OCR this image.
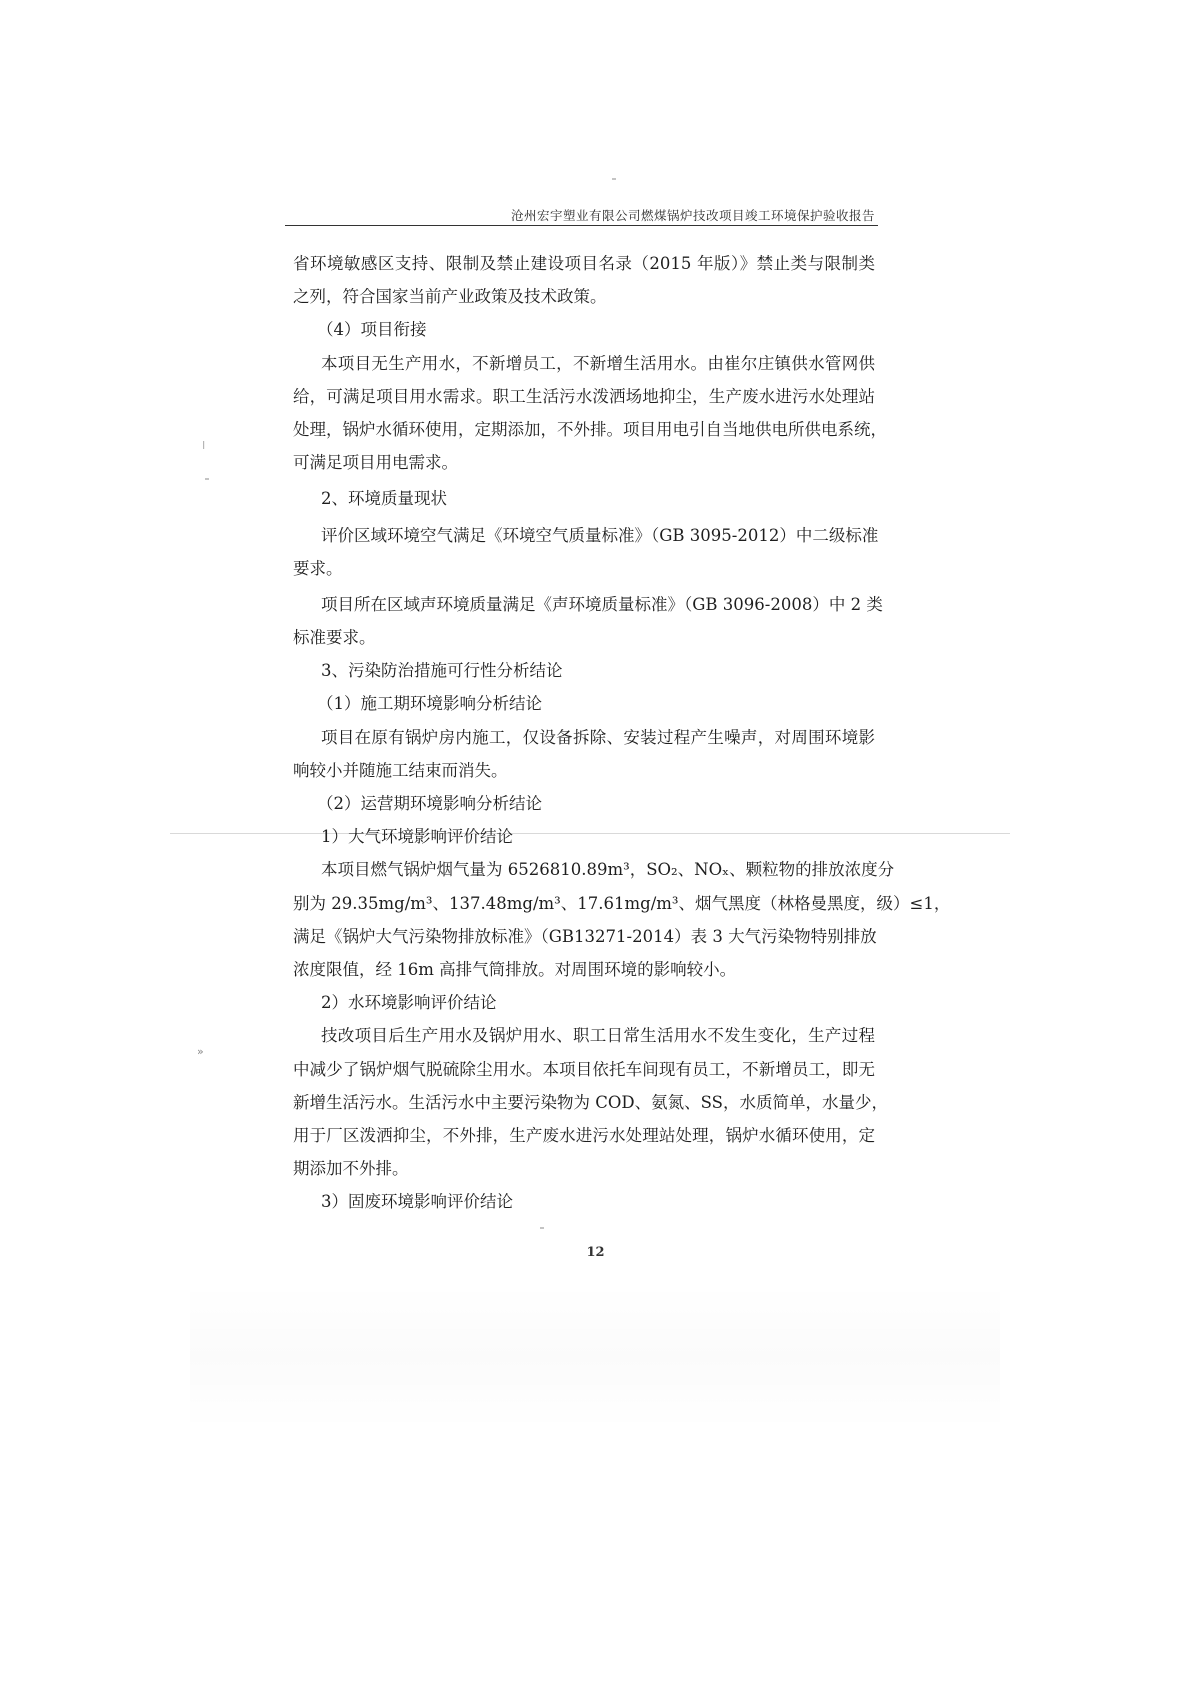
»
I
沧州宏宇塑业有限公司燃煤锅炉技改项目竣工环境保护验收报告
省环境敏感区支持、限制及禁止建设项目名录（2015 年版）》禁止类与限制类
之列，符合国家当前产业政策及技术政策。
（4）项目衔接
本项目无生产用水，不新增员工，不新增生活用水。由崔尔庄镇供水管网供
给，可满足项目用水需求。职工生活污水泼洒场地抑尘，生产废水进污水处理站
处理，锅炉水循环使用，定期添加，不外排。项目用电引自当地供电所供电系统，
可满足项目用电需求。
2、环境质量现状
评价区域环境空气满足《环境空气质量标准》（GB 3095-2012）中二级标准
要求。
项目所在区域声环境质量满足《声环境质量标准》（GB 3096-2008）中 2 类
标准要求。
3、污染防治措施可行性分析结论
（1）施工期环境影响分析结论
项目在原有锅炉房内施工，仅设备拆除、安装过程产生噪声，对周围环境影
响较小并随施工结束而消失。
（2）运营期环境影响分析结论
1）大气环境影响评价结论
本项目燃气锅炉烟气量为 6526810.89m³，SO₂、NOₓ、颗粒物的排放浓度分
别为 29.35mg/m³、137.48mg/m³、17.61mg/m³、烟气黑度（林格曼黑度，级）≤1，
满足《锅炉大气污染物排放标准》（GB13271-2014）表 3 大气污染物特别排放
浓度限值，经 16m 高排气筒排放。对周围环境的影响较小。
2）水环境影响评价结论
技改项目后生产用水及锅炉用水、职工日常生活用水不发生变化，生产过程
中减少了锅炉烟气脱硫除尘用水。本项目依托车间现有员工，不新增员工，即无
新增生活污水。生活污水中主要污染物为 COD、氨氮、SS，水质简单，水量少，
用于厂区泼洒抑尘，不外排，生产废水进污水处理站处理，锅炉水循环使用，定
期添加不外排。
3）固废环境影响评价结论
12
